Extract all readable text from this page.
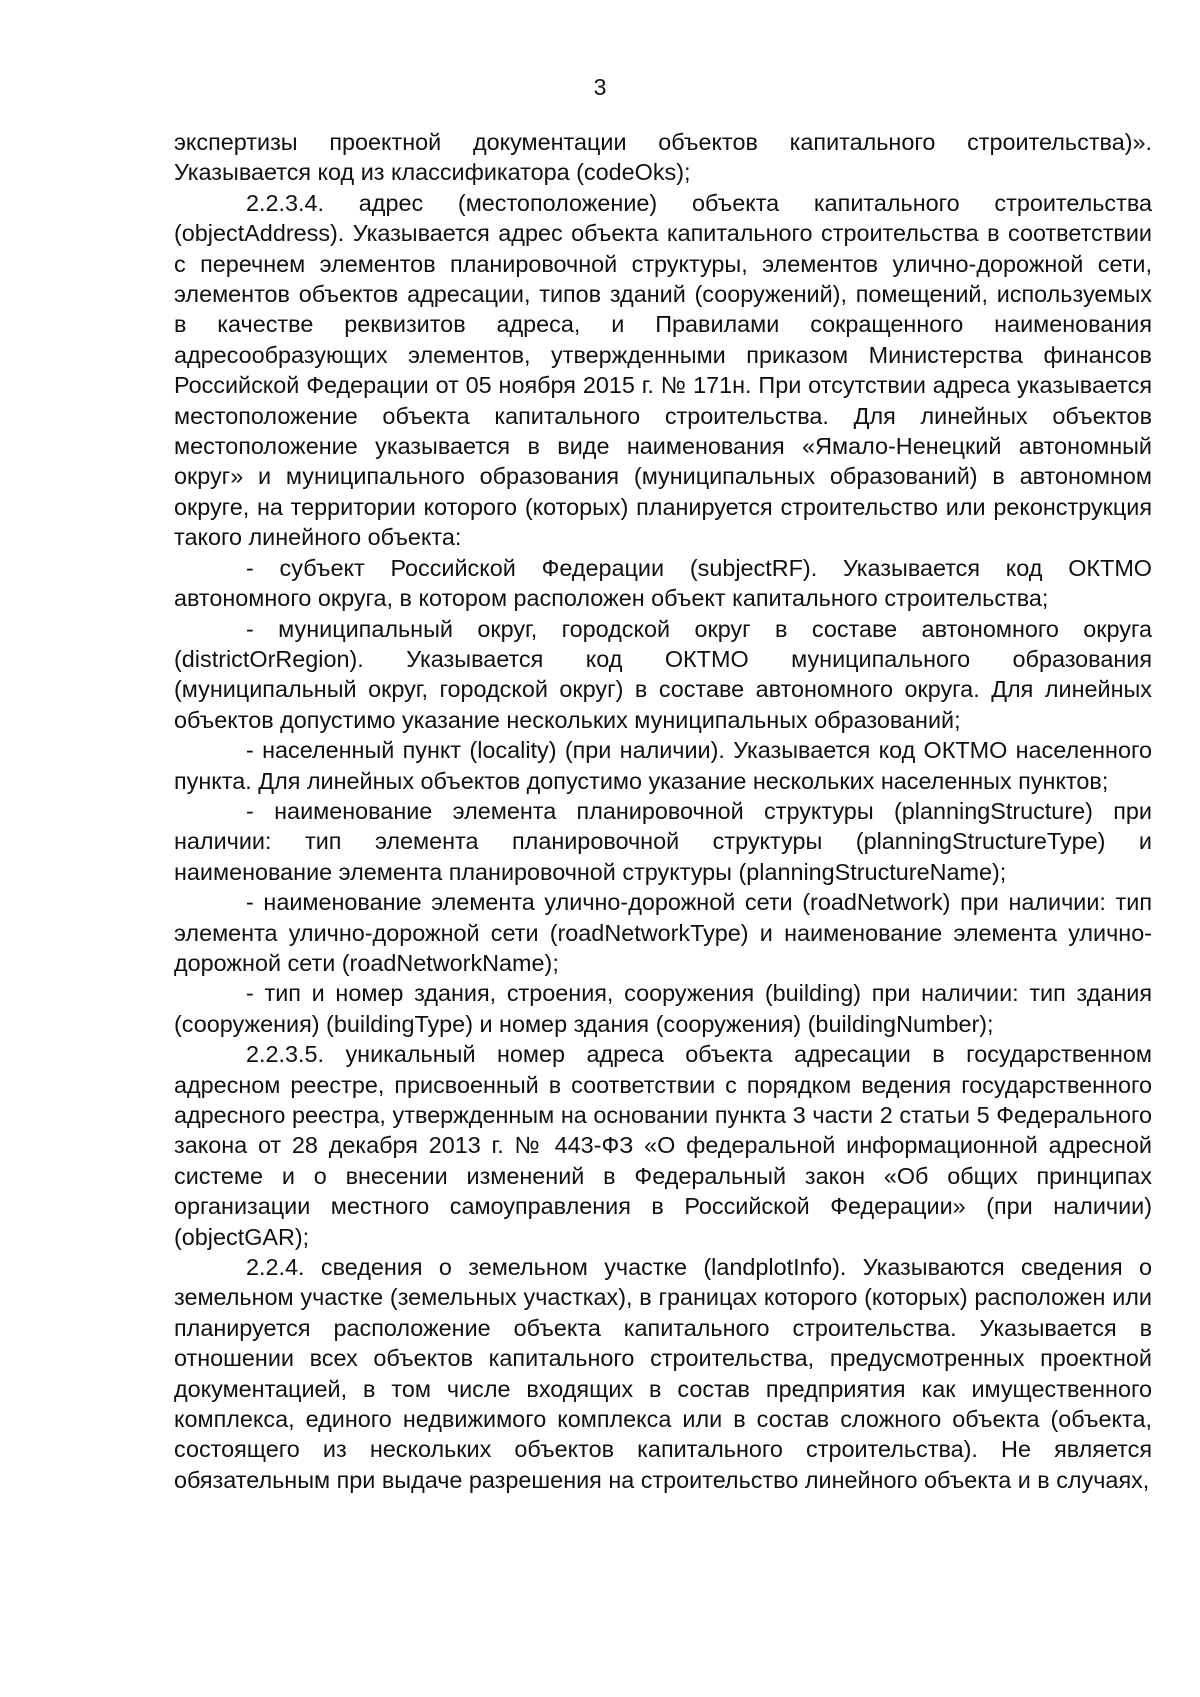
3

экспертизы проектной документации объектов капитального строительства)». Указывается код из классификатора (codeOks);

2.2.3.4. адрес (местоположение) объекта капитального строительства (objectAddress). Указывается адрес объекта капитального строительства в соответствии с перечнем элементов планировочной структуры, элементов улично-дорожной сети, элементов объектов адресации, типов зданий (сооружений), помещений, используемых в качестве реквизитов адреса, и Правилами сокращенного наименования адресообразующих элементов, утвержденными приказом Министерства финансов Российской Федерации от 05 ноября 2015 г. № 171н. При отсутствии адреса указывается местоположение объекта капитального строительства. Для линейных объектов местоположение указывается в виде наименования «Ямало-Ненецкий автономный округ» и муниципального образования (муниципальных образований) в автономном округе, на территории которого (которых) планируется строительство или реконструкция такого линейного объекта:

- субъект Российской Федерации (subjectRF). Указывается код ОКТМО автономного округа, в котором расположен объект капитального строительства;

- муниципальный округ, городской округ в составе автономного округа (districtOrRegion). Указывается код ОКТМО муниципального образования (муниципальный округ, городской округ) в составе автономного округа. Для линейных объектов допустимо указание нескольких муниципальных образований;

- населенный пункт (locality) (при наличии). Указывается код ОКТМО населенного пункта. Для линейных объектов допустимо указание нескольких населенных пунктов;

- наименование элемента планировочной структуры (planningStructure) при наличии: тип элемента планировочной структуры (planningStructureType) и наименование элемента планировочной структуры (planningStructureName);

- наименование элемента улично-дорожной сети (roadNetwork) при наличии: тип элемента улично-дорожной сети (roadNetworkType) и наименование элемента улично-дорожной сети (roadNetworkName);

- тип и номер здания, строения, сооружения (building) при наличии: тип здания (сооружения) (buildingType) и номер здания (сооружения) (buildingNumber);

2.2.3.5. уникальный номер адреса объекта адресации в государственном адресном реестре, присвоенный в соответствии с порядком ведения государственного адресного реестра, утвержденным на основании пункта 3 части 2 статьи 5 Федерального закона от 28 декабря 2013 г. № 443-ФЗ «О федеральной информационной адресной системе и о внесении изменений в Федеральный закон «Об общих принципах организации местного самоуправления в Российской Федерации» (при наличии) (objectGAR);

2.2.4. сведения о земельном участке (landplotInfo). Указываются сведения о земельном участке (земельных участках), в границах которого (которых) расположен или планируется расположение объекта капитального строительства. Указывается в отношении всех объектов капитального строительства, предусмотренных проектной документацией, в том числе входящих в состав предприятия как имущественного комплекса, единого недвижимого комплекса или в состав сложного объекта (объекта, состоящего из нескольких объектов капитального строительства). Не является обязательным при выдаче разрешения на строительство линейного объекта и в случаях,
